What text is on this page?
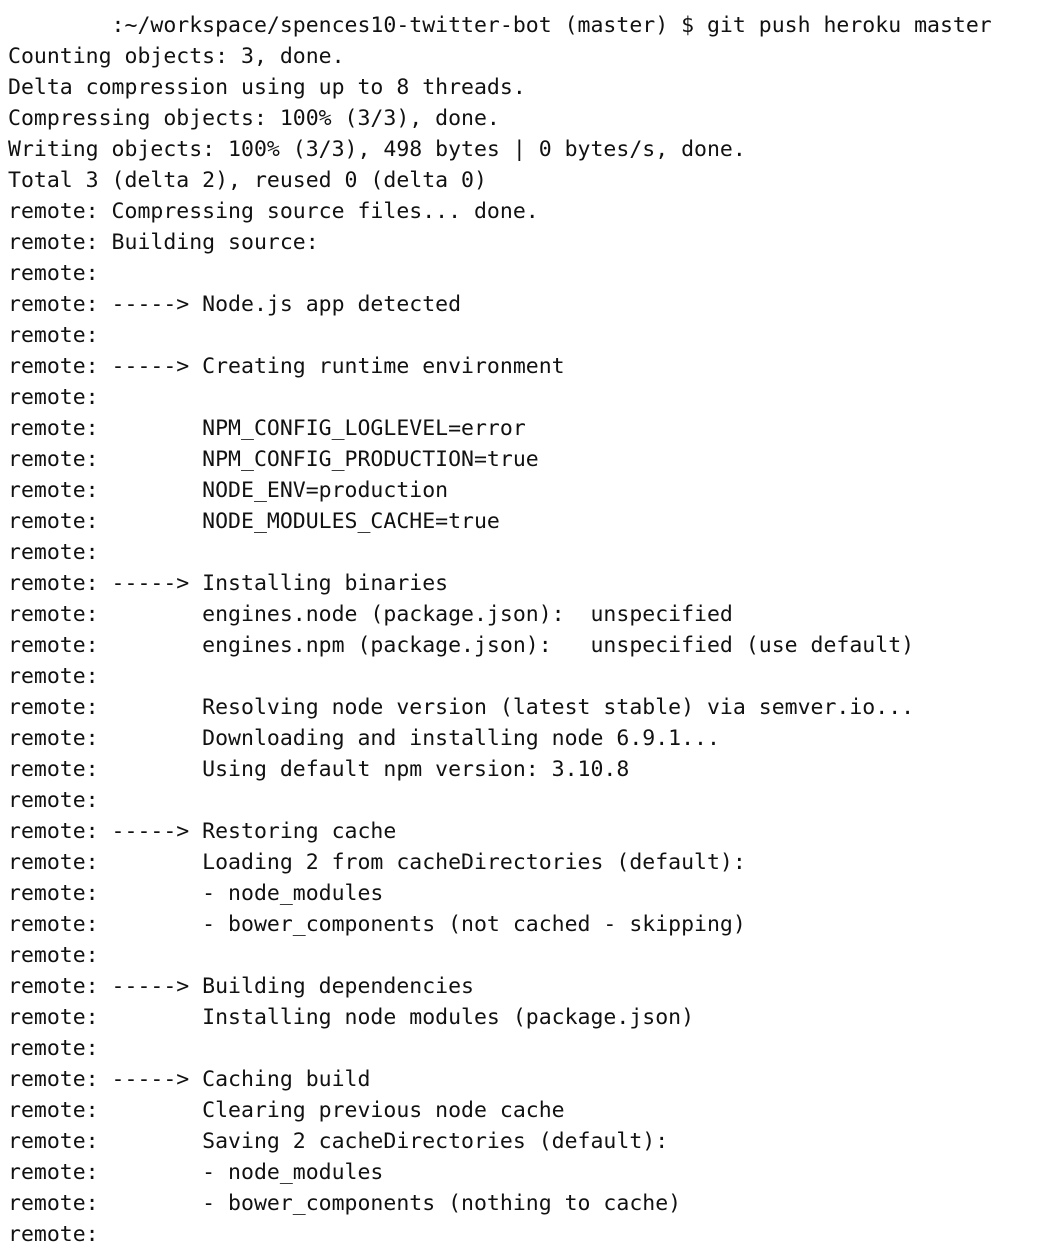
:~/workspace/spences10-twitter-bot (master) $ git push heroku master
Counting objects: 3, done.
Delta compression using up to 8 threads.
Compressing objects: 100% (3/3), done.
Writing objects: 100% (3/3), 498 bytes | 0 bytes/s, done.
Total 3 (delta 2), reused 0 (delta 0)
remote: Compressing source files... done.
remote: Building source:
remote:
remote: -----> Node.js app detected
remote:
remote: -----> Creating runtime environment
remote:
remote:        NPM_CONFIG_LOGLEVEL=error
remote:        NPM_CONFIG_PRODUCTION=true
remote:        NODE_ENV=production
remote:        NODE_MODULES_CACHE=true
remote:
remote: -----> Installing binaries
remote:        engines.node (package.json):  unspecified
remote:        engines.npm (package.json):   unspecified (use default)
remote:
remote:        Resolving node version (latest stable) via semver.io...
remote:        Downloading and installing node 6.9.1...
remote:        Using default npm version: 3.10.8
remote:
remote: -----> Restoring cache
remote:        Loading 2 from cacheDirectories (default):
remote:        - node_modules
remote:        - bower_components (not cached - skipping)
remote:
remote: -----> Building dependencies
remote:        Installing node modules (package.json)
remote:
remote: -----> Caching build
remote:        Clearing previous node cache
remote:        Saving 2 cacheDirectories (default):
remote:        - node_modules
remote:        - bower_components (nothing to cache)
remote:
